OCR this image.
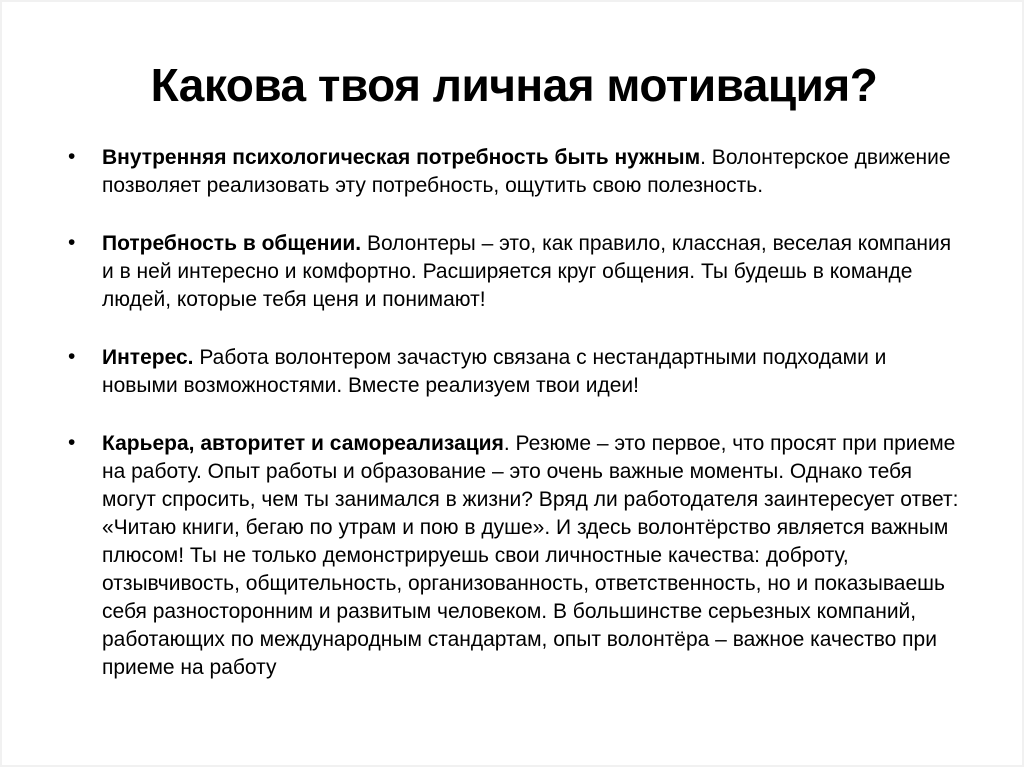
Какова твоя личная мотивация?
• Внутренняя психологическая потребность быть нужным. Волонтерское движение позволяет реализовать эту потребность, ощутить свою полезность.
• Потребность в общении. Волонтеры – это, как правило, классная, веселая компания и в ней интересно и комфортно. Расширяется круг общения. Ты будешь в команде людей, которые тебя ценя и понимают!
• Интерес. Работа волонтером зачастую связана с нестандартными подходами и новыми возможностями. Вместе реализуем твои идеи!
• Карьера, авторитет и самореализация. Резюме – это первое, что просят при приеме на работу. Опыт работы и образование – это очень важные моменты. Однако тебя могут спросить, чем ты занимался в жизни? Вряд ли работодателя заинтересует ответ: «Читаю книги, бегаю по утрам и пою в душе». И здесь волонтёрство является важным плюсом! Ты не только демонстрируешь свои личностные качества: доброту, отзывчивость, общительность, организованность, ответственность, но и показываешь себя разносторонним и развитым человеком. В большинстве серьезных компаний, работающих по международным стандартам, опыт волонтёра – важное качество при приеме на работу
